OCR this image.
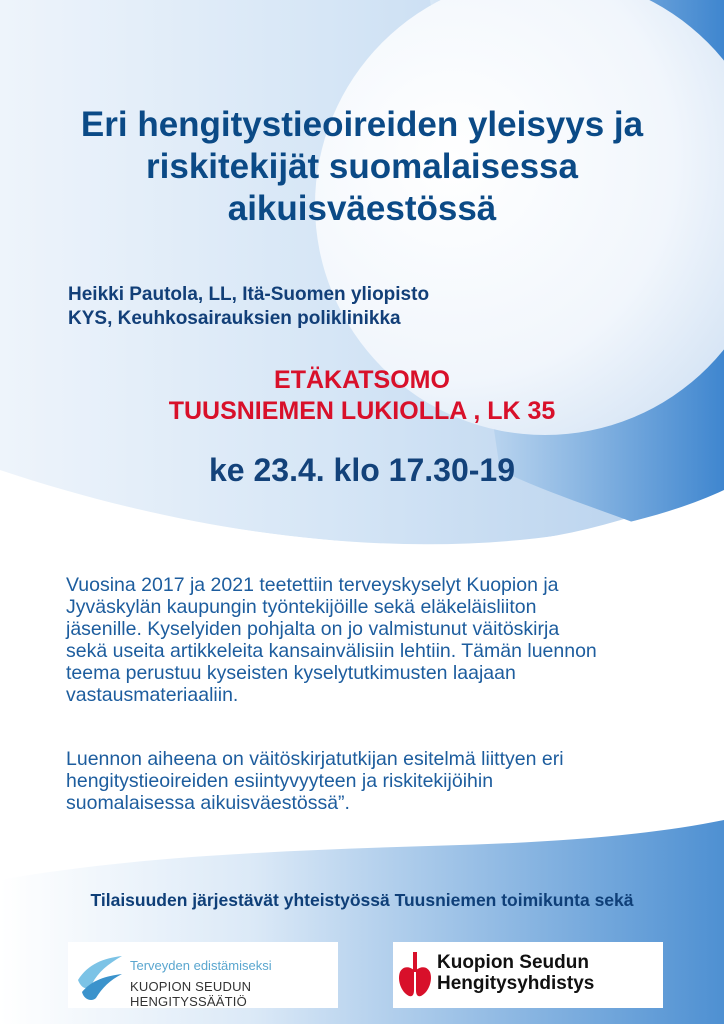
Eri hengitystieoireiden yleisyys ja
riskitekijät suomalaisessa
aikuisväestössä
Heikki Pautola, LL, Itä-Suomen yliopisto
KYS, Keuhkosairauksien poliklinikka
ETÄKATSOMO
TUUSNIEMEN LUKIOLLA , LK 35
ke 23.4. klo 17.30-19
Vuosina 2017 ja 2021 teetettiin terveyskyselyt Kuopion ja
Jyväskylän kaupungin työntekijöille sekä eläkeläisliiton
jäsenille. Kyselyiden pohjalta on jo valmistunut väitöskirja
sekä useita artikkeleita kansainvälisiin lehtiin. Tämän luennon
teema perustuu kyseisten kyselytutkimusten laajaan
vastausmateriaaliin.
Luennon aiheena on väitöskirjatutkijan esitelmä liittyen eri
hengitystieoireiden esiintyvyyteen ja riskitekijöihin
suomalaisessa aikuisväestössä”.
Tilaisuuden järjestävät yhteistyössä Tuusniemen toimikunta sekä
Terveyden edistämiseksi
KUOPION SEUDUN HENGITYSSÄÄTIÖ
Kuopion Seudun
Hengitysyhdistys
